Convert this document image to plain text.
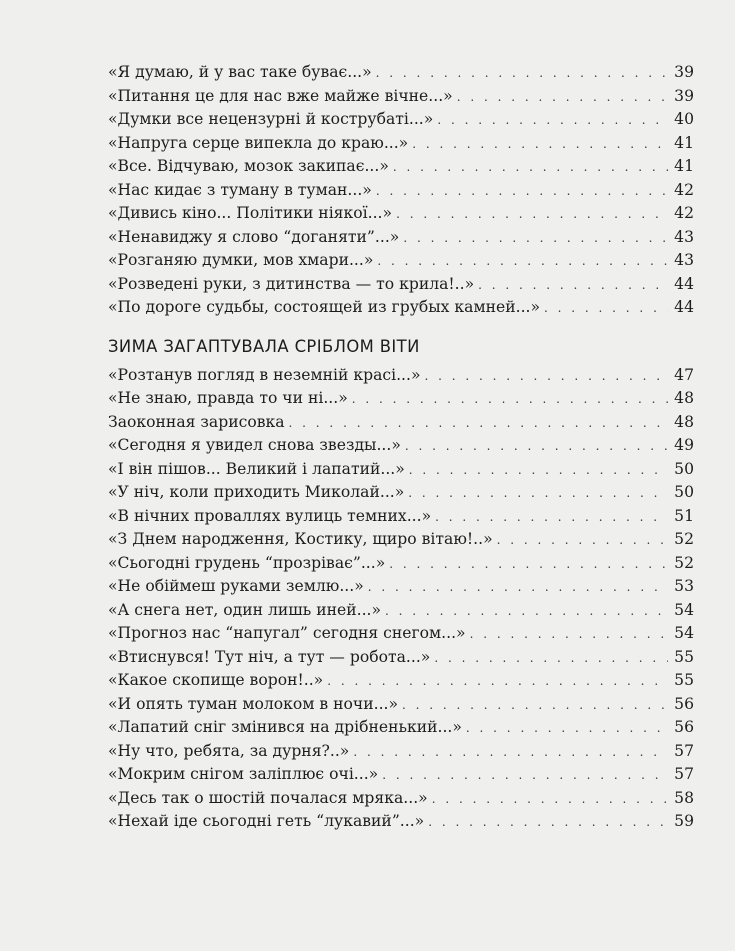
«Я думаю, й у вас таке буває...» . . .	39
«Питання це для нас вже майже вічне...» . . .	39
«Думки все нецензурні й кострубаті...» . . .	40
«Напруга серце випекла до краю...» . . .	41
«Все. Відчуваю, мозок закипає...» . . .	41
«Нас кидає з туману в туман...» . . .	42
«Дивись кіно... Політики ніякої...» . . .	42
«Ненавиджу я слово “доганяти”...» . . .	43
«Розганяю думки, мов хмари...» . . .	43
«Розведені руки, з дитинства — то крила!..» . . .	44
«По дороге судьбы, состоящей из грубых камней...» . . .	44
ЗИМА ЗАГАПТУВАЛА СРІБЛОМ ВІТИ
«Розтанув погляд в неземній красі...» . . .	47
«Не знаю, правда то чи ні...» . . .	48
Заоконная зарисовка . . .	48
«Сегодня я увидел снова звезды...» . . .	49
«І він пішов... Великий і лапатий...» . . .	50
«У ніч, коли приходить Миколай...» . . .	50
«В нічних проваллях вулиць темних...» . . .	51
«З Днем народження, Костику, щиро вітаю!..» . . .	52
«Сьогодні грудень “прозріває”...» . . .	52
«Не обіймеш руками землю...» . . .	53
«А снега нет, один лишь иней...» . . .	54
«Прогноз нас “напугал” сегодня снегом...» . . .	54
«Втиснувся! Тут ніч, а тут — робота...» . . .	55
«Какое скопище ворон!..» . . .	55
«И опять туман молоком в ночи...» . . .	56
«Лапатий сніг змінився на дрібненький...» . . .	56
«Ну что, ребята, за дурня?..» . . .	57
«Мокрим снігом заліплює очі...» . . .	57
«Десь так о шостій почалася мряка...» . . .	58
«Нехай іде сьогодні геть “лукавий”...» . . .	59
